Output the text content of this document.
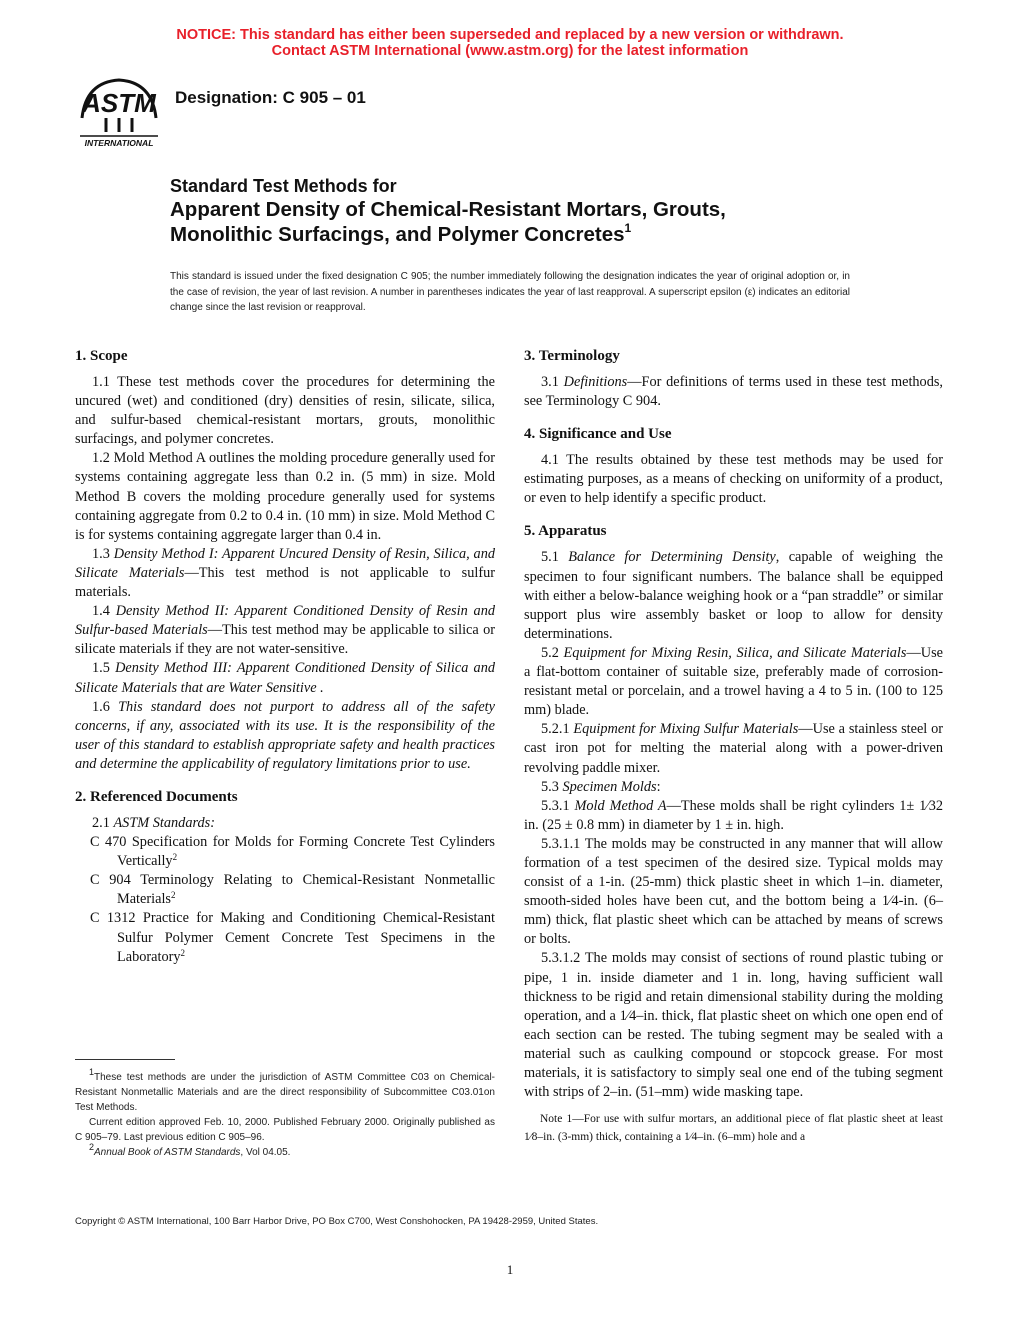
NOTICE: This standard has either been superseded and replaced by a new version or withdrawn.
Contact ASTM International (www.astm.org) for the latest information
ASTM
INTERNATIONAL
Designation: C 905 – 01
Standard Test Methods for
Apparent Density of Chemical-Resistant Mortars, Grouts,
Monolithic Surfacings, and Polymer Concretes$^1$
This standard is issued under the fixed designation C 905; the number immediately following the designation indicates the year of original adoption or, in the case of revision, the year of last revision. A number in parentheses indicates the year of last reapproval. A superscript epsilon (ε) indicates an editorial change since the last revision or reapproval.
1. Scope

1.1 These test methods cover the procedures for determining the uncured (wet) and conditioned (dry) densities of resin, silicate, silica, and sulfur-based chemical-resistant mortars, grouts, monolithic surfacings, and polymer concretes.

1.2 Mold Method A outlines the molding procedure generally used for systems containing aggregate less than 0.2 in. (5 mm) in size. Mold Method B covers the molding procedure generally used for systems containing aggregate from 0.2 to 0.4 in. (10 mm) in size. Mold Method C is for systems containing aggregate larger than 0.4 in.

1.3 Density Method I: Apparent Uncured Density of Resin, Silica, and Silicate Materials—This test method is not applicable to sulfur materials.

1.4 Density Method II: Apparent Conditioned Density of Resin and Sulfur-based Materials—This test method may be applicable to silica or silicate materials if they are not water-sensitive.

1.5 Density Method III: Apparent Conditioned Density of Silica and Silicate Materials that are Water Sensitive .

1.6 This standard does not purport to address all of the safety concerns, if any, associated with its use. It is the responsibility of the user of this standard to establish appropriate safety and health practices and determine the applicability of regulatory limitations prior to use.

2. Referenced Documents

2.1 ASTM Standards:

C 470 Specification for Molds for Forming Concrete Test Cylinders Vertically$^2$

C 904 Terminology Relating to Chemical-Resistant Nonmetallic Materials$^2$

C 1312 Practice for Making and Conditioning Chemical-Resistant Sulfur Polymer Cement Concrete Test Specimens in the Laboratory$^2$

3. Terminology

3.1 Definitions—For definitions of terms used in these test methods, see Terminology C 904.

4. Significance and Use

4.1 The results obtained by these test methods may be used for estimating purposes, as a means of checking on uniformity of a product, or even to help identify a specific product.

5. Apparatus

5.1 Balance for Determining Density, capable of weighing the specimen to four significant numbers. The balance shall be equipped with either a below-balance weighing hook or a “pan straddle” or similar support plus wire assembly basket or loop to allow for density determinations.

5.2 Equipment for Mixing Resin, Silica, and Silicate Materials—Use a flat-bottom container of suitable size, preferably made of corrosion-resistant metal or porcelain, and a trowel having a 4 to 5 in. (100 to 125 mm) blade.

5.2.1 Equipment for Mixing Sulfur Materials—Use a stainless steel or cast iron pot for melting the material along with a power-driven revolving paddle mixer.

5.3 Specimen Molds:

5.3.1 Mold Method A—These molds shall be right cylinders 1± 1⁄32 in. (25 ± 0.8 mm) in diameter by 1 ± in. high.

5.3.1.1 The molds may be constructed in any manner that will allow formation of a test specimen of the desired size. Typical molds may consist of a 1-in. (25-mm) thick plastic sheet in which 1–in. diameter, smooth-sided holes have been cut, and the bottom being a 1⁄4-in. (6–mm) thick, flat plastic sheet which can be attached by means of screws or bolts.

5.3.1.2 The molds may consist of sections of round plastic tubing or pipe, 1 in. inside diameter and 1 in. long, having sufficient wall thickness to be rigid and retain dimensional stability during the molding operation, and a 1⁄4–in. thick, flat plastic sheet on which one open end of each section can be rested. The tubing segment may be sealed with a material such as caulking compound or stopcock grease. For most materials, it is satisfactory to simply seal one end of the tubing segment with strips of 2–in. (51–mm) wide masking tape.

Note 1—For use with sulfur mortars, an additional piece of flat plastic sheet at least 1⁄8–in. (3-mm) thick, containing a 1⁄4–in. (6–mm) hole and a

$^1$These test methods are under the jurisdiction of ASTM Committee C03 on Chemical-Resistant Nonmetallic Materials and are the direct responsibility of Subcommittee C03.01on Test Methods.

Current edition approved Feb. 10, 2000. Published February 2000. Originally published as C 905–79. Last previous edition C 905–96.

$^2$Annual Book of ASTM Standards, Vol 04.05.

Copyright © ASTM International, 100 Barr Harbor Drive, PO Box C700, West Conshohocken, PA 19428-2959, United States.
1
